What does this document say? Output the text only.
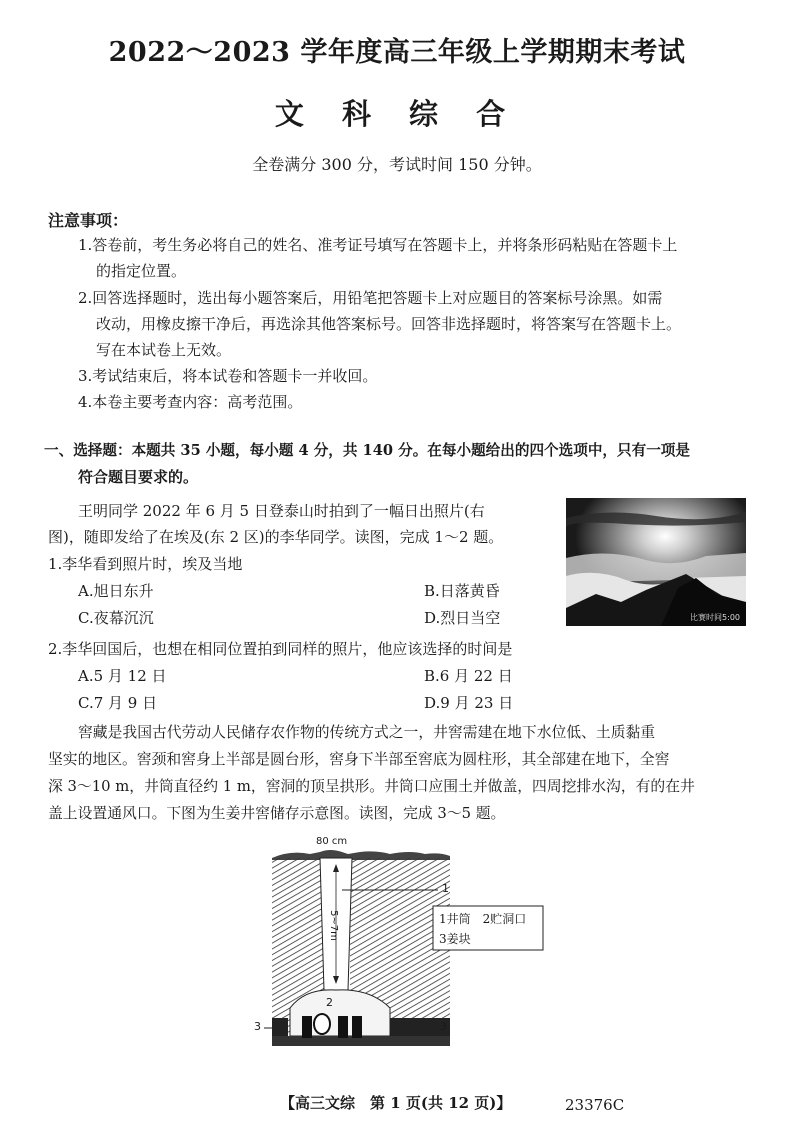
2022～2023 学年度高三年级上学期期末考试
文 科 综 合
全卷满分 300 分，考试时间 150 分钟。
注意事项：
1.答卷前，考生务必将自己的姓名、准考证号填写在答题卡上，并将条形码粘贴在答题卡上
的指定位置。
2.回答选择题时，选出每小题答案后，用铅笔把答题卡上对应题目的答案标号涂黑。如需
改动，用橡皮擦干净后，再选涂其他答案标号。回答非选择题时，将答案写在答题卡上。
写在本试卷上无效。
3.考试结束后，将本试卷和答题卡一并收回。
4.本卷主要考查内容：高考范围。
一、选择题：本题共 35 小题，每小题 4 分，共 140 分。在每小题给出的四个选项中，只有一项是
符合题目要求的。
王明同学 2022 年 6 月 5 日登泰山时拍到了一幅日出照片(右
图)，随即发给了在埃及(东 2 区)的李华同学。读图，完成 1～2 题。
比赛时间5:00
1.李华看到照片时，埃及当地
A.旭日东升	B.日落黄昏
C.夜幕沉沉	D.烈日当空
2.李华回国后，也想在相同位置拍到同样的照片，他应该选择的时间是
A.5 月 12 日	B.6 月 22 日
C.7 月 9 日	D.9 月 23 日
窖藏是我国古代劳动人民储存农作物的传统方式之一，井窖需建在地下水位低、土质黏重
坚实的地区。窖颈和窖身上半部是圆台形，窖身下半部至窖底为圆柱形，其全部建在地下，全窖
深 3～10 m，井筒直径约 1 m，窖洞的顶呈拱形。井筒口应围土并做盖，四周挖排水沟，有的在井
盖上设置通风口。下图为生姜井窖储存示意图。读图，完成 3～5 题。
80 cm
5~7m
1
2
3	3
1井筒　2贮洞口
3姜块
【高三文综　第 1 页(共 12 页)】	23376C
